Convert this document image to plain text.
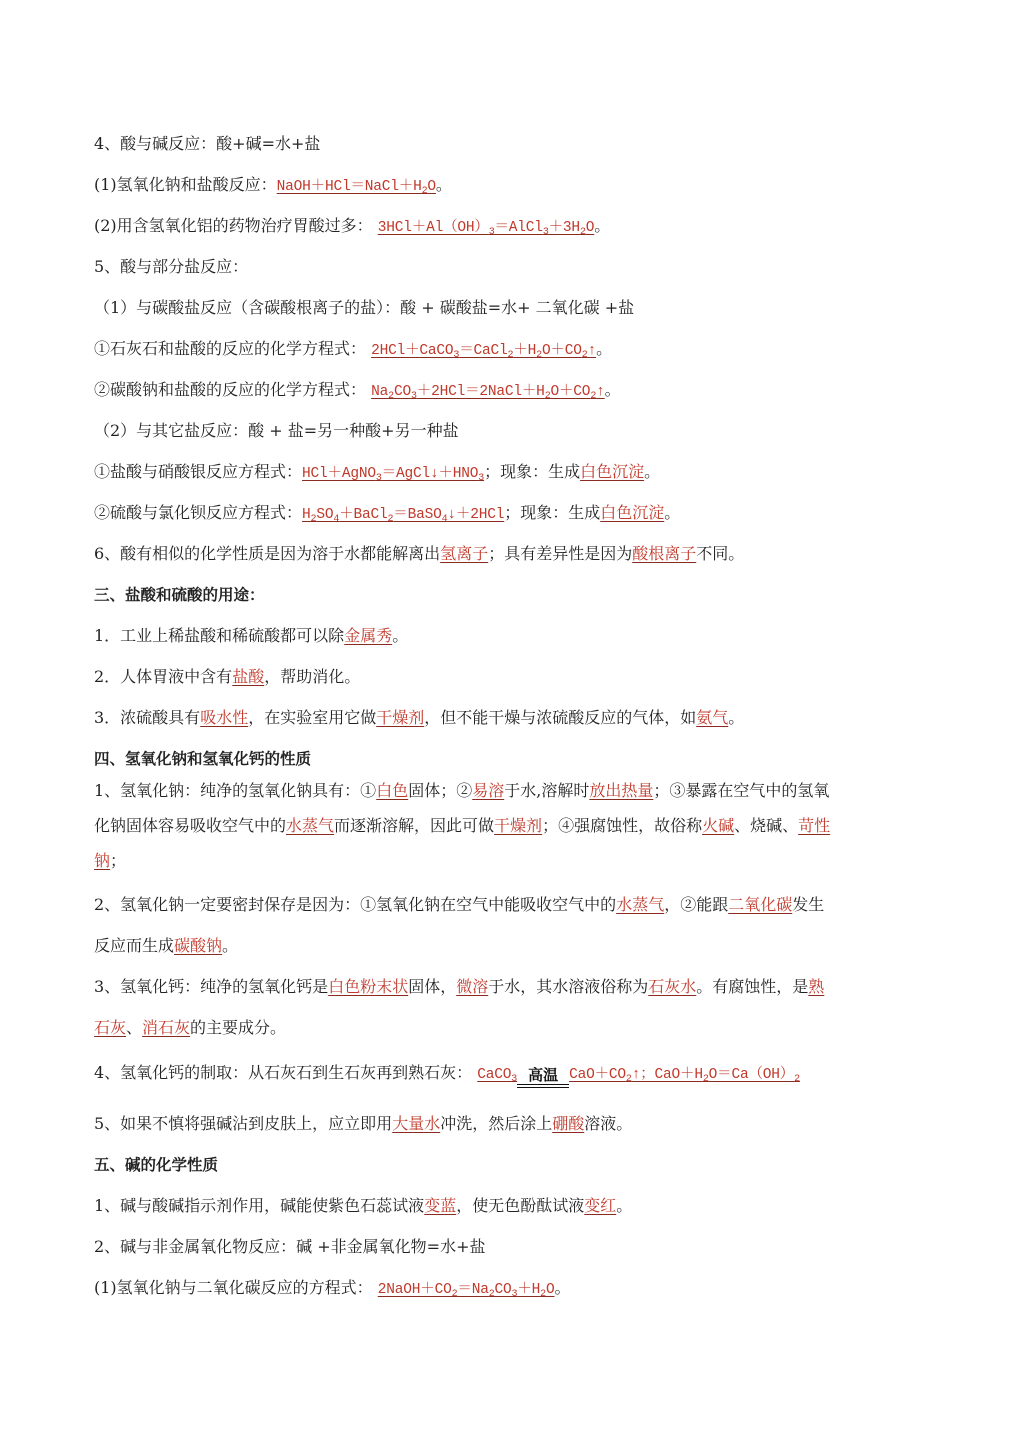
4、酸与碱反应：酸+碱=水+盐
(1)氢氧化钠和盐酸反应：$NaOH+HCl=NaCl+H_2O$。
(2)用含氢氧化铝的药物治疗胃酸过多： $3HCl+Al(OH)_3=AlCl_3+3H_2O$。
5、酸与部分盐反应：
（1）与碳酸盐反应（含碳酸根离子的盐）：酸 + 碳酸盐=水+ 二氧化碳 +盐
①石灰石和盐酸的反应的化学方程式： $2HCl+CaCO_3=CaCl_2+H_2O+CO_2↑$。
②碳酸钠和盐酸的反应的化学方程式： $Na_2CO_3+2HCl=2NaCl+H_2O+CO_2↑$。
（2）与其它盐反应：酸 + 盐=另一种酸+另一种盐
①盐酸与硝酸银反应方程式：$HCl+AgNO_3=AgCl↓+HNO_3$；现象：生成白色沉淀。
②硫酸与氯化钡反应方程式：$H_2SO_4+BaCl_2=BaSO_4↓+2HCl$；现象：生成白色沉淀。
6、酸有相似的化学性质是因为溶于水都能解离出氢离子；具有差异性是因为酸根离子不同。
三、盐酸和硫酸的用途：
1．工业上稀盐酸和稀硫酸都可以除金属秀。
2．人体胃液中含有盐酸，帮助消化。
3．浓硫酸具有吸水性，在实验室用它做干燥剂，但不能干燥与浓硫酸反应的气体，如氨气。
四、氢氧化钠和氢氧化钙的性质
1、氢氧化钠：纯净的氢氧化钠具有：①白色固体；②易溶于水,溶解时放出热量；③暴露在空气中的氢氧
化钠固体容易吸收空气中的水蒸气而逐渐溶解，因此可做干燥剂；④强腐蚀性，故俗称火碱、烧碱、苛性
钠；
2、氢氧化钠一定要密封保存是因为：①氢氧化钠在空气中能吸收空气中的水蒸气，②能跟二氧化碳发生
反应而生成碳酸钠。
3、氢氧化钙：纯净的氢氧化钙是白色粉末状固体，微溶于水，其水溶液俗称为石灰水。有腐蚀性，是熟
石灰、消石灰的主要成分。
4、氢氧化钙的制取：从石灰石到生石灰再到熟石灰： CaCO$_3$ 高温 $CaO+CO_2↑$；$CaO+H_2O=Ca(OH)_2$
5、如果不慎将强碱沾到皮肤上，应立即用大量水冲洗，然后涂上硼酸溶液。
五、碱的化学性质
1、碱与酸碱指示剂作用，碱能使紫色石蕊试液变蓝，使无色酚酞试液变红。
2、碱与非金属氧化物反应：碱 +非金属氧化物=水+盐
(1)氢氧化钠与二氧化碳反应的方程式： $2NaOH+CO_2=Na_2CO_3+H_2O$。
